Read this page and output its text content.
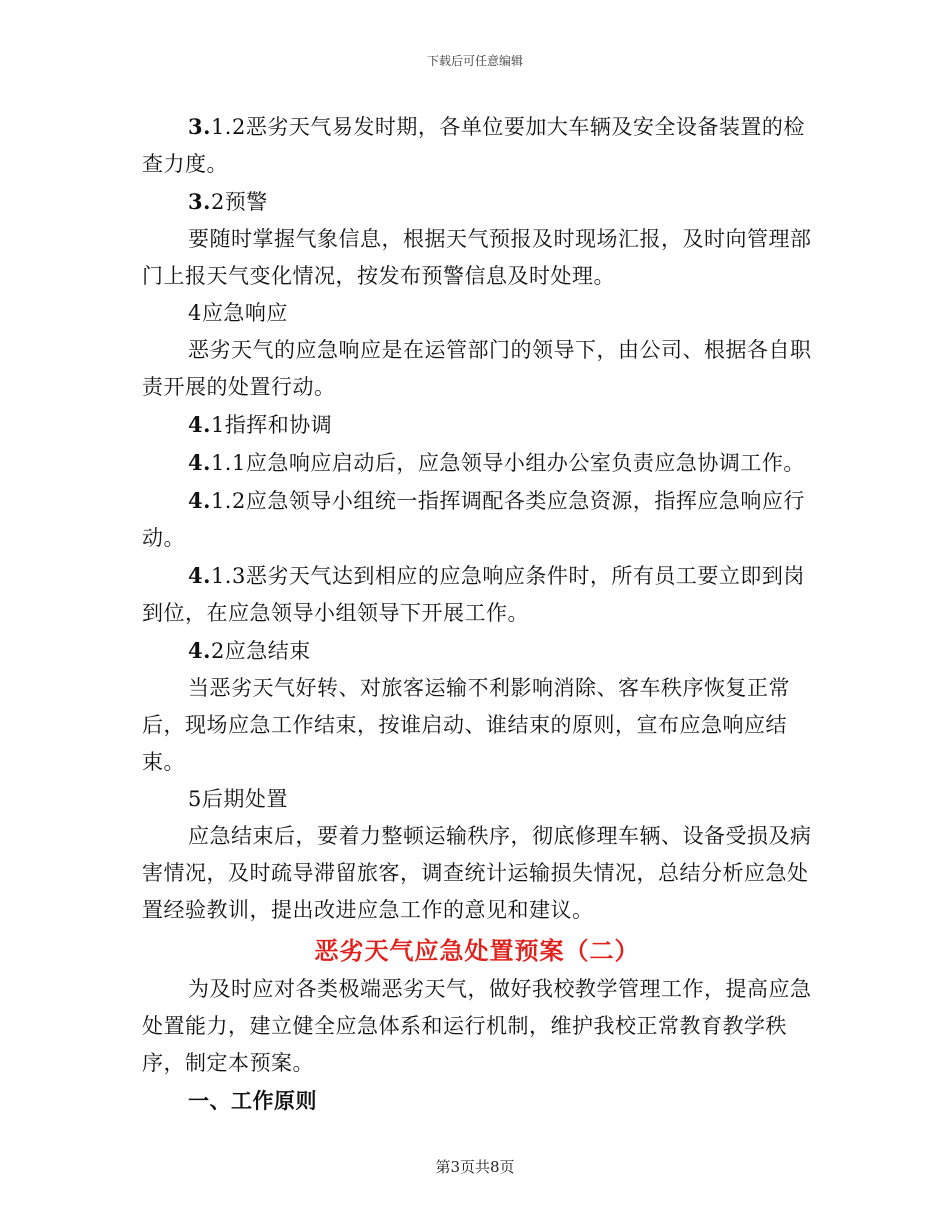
下载后可任意编辑

3.1.2恶劣天气易发时期，各单位要加大车辆及安全设备装置的检查力度。

3.2预警

要随时掌握气象信息，根据天气预报及时现场汇报，及时向管理部门上报天气变化情况，按发布预警信息及时处理。

4应急响应

恶劣天气的应急响应是在运管部门的领导下，由公司、根据各自职责开展的处置行动。

4.1指挥和协调

4.1.1应急响应启动后，应急领导小组办公室负责应急协调工作。

4.1.2应急领导小组统一指挥调配各类应急资源，指挥应急响应行动。

4.1.3恶劣天气达到相应的应急响应条件时，所有员工要立即到岗到位，在应急领导小组领导下开展工作。

4.2应急结束

当恶劣天气好转、对旅客运输不利影响消除、客车秩序恢复正常后，现场应急工作结束，按谁启动、谁结束的原则，宣布应急响应结束。

5后期处置

应急结束后，要着力整顿运输秩序，彻底修理车辆、设备受损及病害情况，及时疏导滞留旅客，调查统计运输损失情况，总结分析应急处置经验教训，提出改进应急工作的意见和建议。

恶劣天气应急处置预案（二）

为及时应对各类极端恶劣天气，做好我校教学管理工作，提高应急处置能力，建立健全应急体系和运行机制，维护我校正常教育教学秩序，制定本预案。

一、工作原则

第3页共8页
